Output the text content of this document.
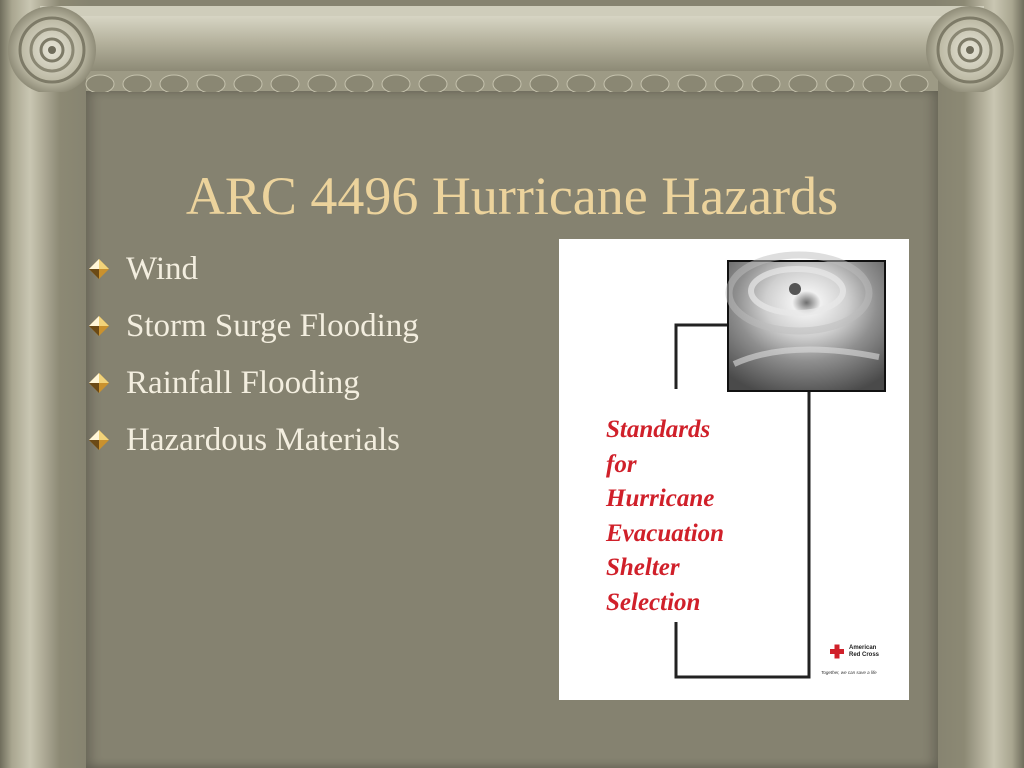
ARC 4496 Hurricane Hazards
Wind
Storm Surge Flooding
Rainfall Flooding
Hazardous Materials	Standards
for
Hurricane
Evacuation
Shelter
Selection
American
Red Cross
Together, we can save a life
